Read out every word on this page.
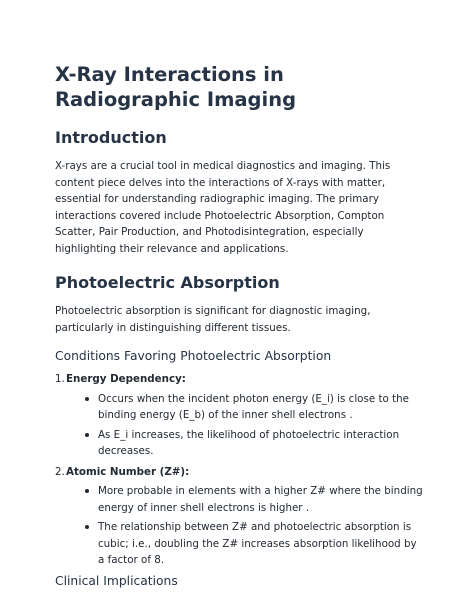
X-Ray Interactions in Radiographic Imaging
Introduction

X-rays are a crucial tool in medical diagnostics and imaging. This content piece delves into the interactions of X-rays with matter, essential for understanding radiographic imaging. The primary interactions covered include Photoelectric Absorption, Compton Scatter, Pair Production, and Photodisintegration, especially highlighting their relevance and applications.

Photoelectric Absorption

Photoelectric absorption is significant for diagnostic imaging, particularly in distinguishing different tissues.

Conditions Favoring Photoelectric Absorption
1. Energy Dependency:
Occurs when the incident photon energy (E_i) is close to the binding energy (E_b) of the inner shell electrons .
As E_i increases, the likelihood of photoelectric interaction decreases.
2. Atomic Number (Z#):
More probable in elements with a higher Z# where the binding energy of inner shell electrons is higher .
The relationship between Z# and photoelectric absorption is cubic; i.e., doubling the Z# increases absorption likelihood by a factor of 8.
Clinical Implications
